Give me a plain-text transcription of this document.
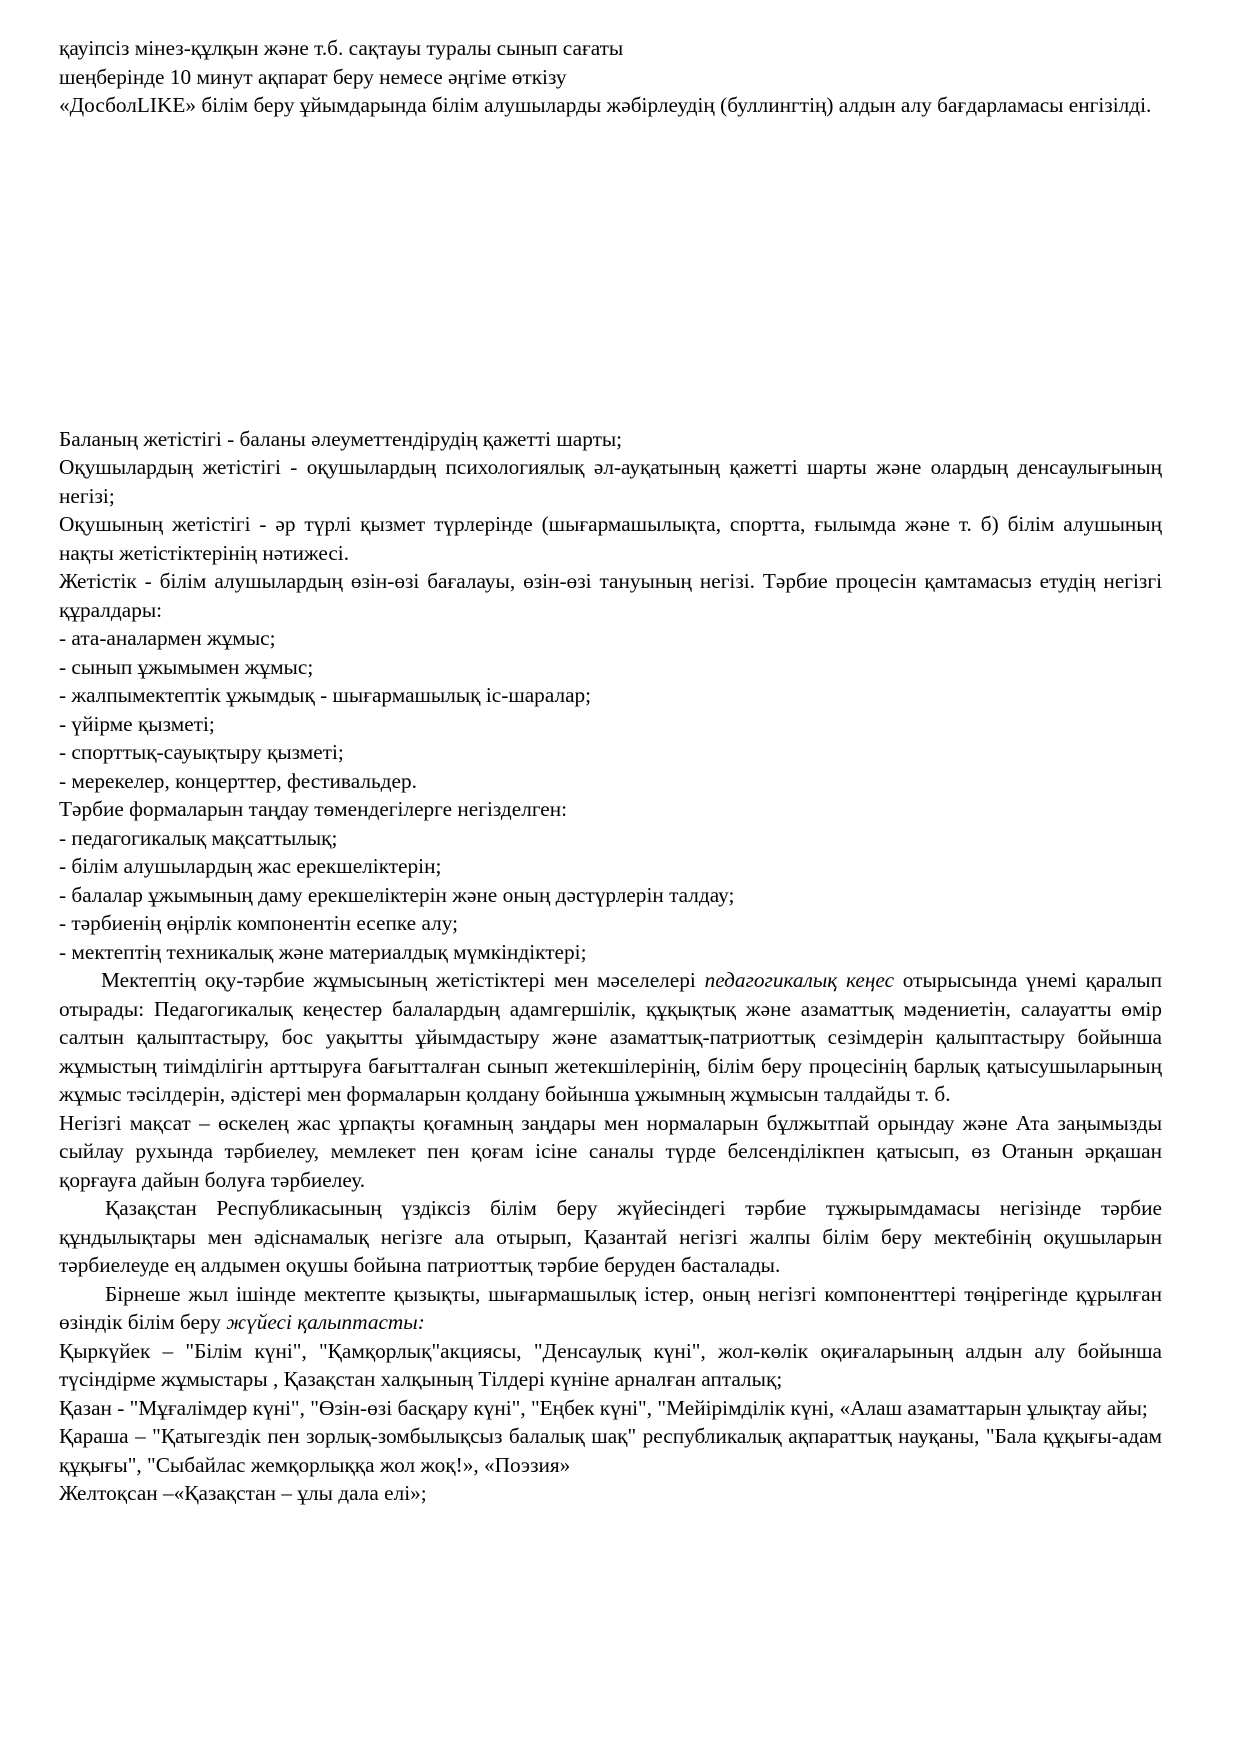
қауіпсіз мінез-құлқын және т.б. сақтауы туралы сынып сағаты

шеңберінде 10 минут ақпарат беру немесе әңгіме өткізу

«ДосболLIKE» білім беру ұйымдарында білім алушыларды жәбірлеудің (буллингтің) алдын алу бағдарламасы енгізілді.

Баланың жетістігі - баланы әлеуметтендірудің қажетті шарты;

Оқушылардың жетістігі - оқушылардың психологиялық әл-ауқатының қажетті шарты және олардың денсаулығының негізі;

Оқушының жетістігі - әр түрлі қызмет түрлерінде (шығармашылықта, спортта, ғылымда және т. б) білім алушының нақты жетістіктерінің нәтижесі.

Жетістік - білім алушылардың өзін-өзі бағалауы, өзін-өзі тануының негізі. Тәрбие процесін қамтамасыз етудің негізгі құралдары:

- ата-аналармен жұмыс;
- сынып ұжымымен жұмыс;
- жалпымектептік ұжымдық - шығармашылық іс-шаралар;
- үйірме қызметі;
- спорттық-сауықтыру қызметі;
- мерекелер, концерттер, фестивальдер.

Тәрбие формаларын таңдау төмендегілерге негізделген:

- педагогикалық мақсаттылық;
- білім алушылардың жас ерекшеліктерін;
- балалар ұжымының даму ерекшеліктерін және оның дәстүрлерін талдау;
- тәрбиенің өңірлік компонентін есепке алу;
- мектептің техникалық және материалдық мүмкіндіктері;

Мектептің оқу-тәрбие жұмысының жетістіктері мен мәселелері педагогикалық кеңес отырысында үнемі қаралып отырады: Педагогикалық кеңестер балалардың адамгершілік, құқықтық және азаматтық мәдениетін, салауатты өмір салтын қалыптастыру, бос уақытты ұйымдастыру және азаматтық-патриоттық сезімдерін қалыптастыру бойынша жұмыстың тиімділігін арттыруға бағытталған сынып жетекшілерінің, білім беру процесінің барлық қатысушыларының жұмыс тәсілдерін, әдістері мен формаларын қолдану бойынша ұжымның жұмысын талдайды т. б.

Негізгі мақсат – өскелең жас ұрпақты қоғамның заңдары мен нормаларын бұлжытпай орындау және Ата заңымызды сыйлау рухында тәрбиелеу, мемлекет пен қоғам ісіне саналы түрде белсенділікпен қатысып, өз Отанын әрқашан қорғауға дайын болуға тәрбиелеу.

Қазақстан Республикасының үздіксіз білім беру жүйесіндегі тәрбие тұжырымдамасы негізінде тәрбие құндылықтары мен әдіснамалық негізге ала отырып, Қазантай негізгі жалпы білім беру мектебінің оқушыларын тәрбиелеуде ең алдымен оқушы бойына патриоттық тәрбие беруден басталады.

Бірнеше жыл ішінде мектепте қызықты, шығармашылық істер, оның негізгі компоненттері төңірегінде құрылған өзіндік білім беру жүйесі қалыптасты:

Қыркүйек – "Білім күні", "Қамқорлық"акциясы, "Денсаулық күні", жол-көлік оқиғаларының алдын алу бойынша түсіндірме жұмыстары , Қазақстан халқының Тілдері күніне арналған апталық;

Қазан - "Мұғалімдер күні", "Өзін-өзі басқару күні", "Еңбек күні", "Мейірімділік күні, «Алаш азаматтарын ұлықтау айы;

Қараша – "Қатыгездік пен зорлық-зомбылықсыз балалық шақ" республикалық ақпараттық науқаны, "Бала құқығы-адам құқығы", "Сыбайлас жемқорлыққа жол жоқ!», «Поэзия»

Желтоқсан –«Қазақстан – ұлы дала елі»;
